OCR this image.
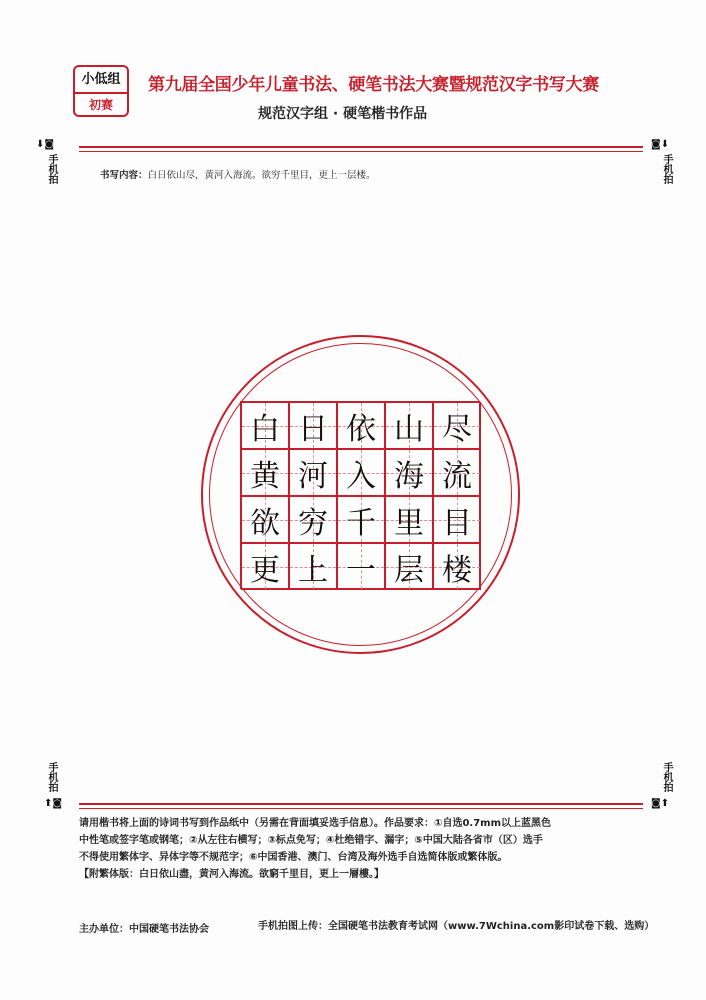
小低组
初赛
第九届全国少年儿童书法、硬笔书法大赛暨规范汉字书写大赛
规范汉字组 · 硬笔楷书作品
⬇◙
手机拍
◙⬇
手机拍
书写内容：白日依山尽，黄河入海流。欲穷千里目，更上一层楼。
白 日 依 山 尽
黄 河 入 海 流
欲 穷 千 里 目
更 上 一 层 楼
手机拍
⬆◙
手机拍
◙⬆

请用楷书将上面的诗词书写到作品纸中（另需在背面填妥选手信息）。作品要求：①自选0.7mm以上蓝黑色

中性笔或签字笔或钢笔；②从左往右横写；③标点免写；④杜绝错字、漏字；⑤中国大陆各省市（区）选手

不得使用繁体字、异体字等不规范字；⑥中国香港、澳门、台湾及海外选手自选简体版或繁体版。

【附繁体版：白日依山盡，黄河入海流。欲窮千里目，更上一層樓。】

主办单位：中国硬笔书法协会	手机拍图上传：全国硬笔书法教育考试网（www.7Wchina.com影印试卷下载、选购）
